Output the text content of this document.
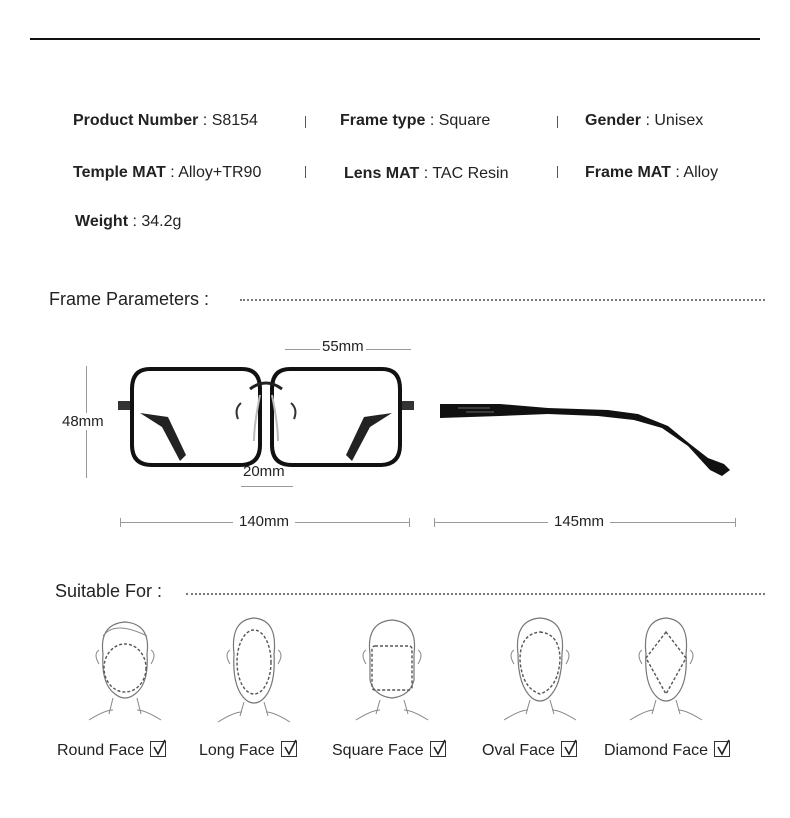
Product Number : S8154	Frame type : Square	Gender : Unisex
Temple MAT : Alloy+TR90	Lens MAT : TAC Resin	Frame MAT : Alloy
Weight : 34.2g
Frame Parameters :
55mm
48mm
20mm
140mm	145mm
Suitable For :
Round Face	Long Face	Square Face	Oval Face	Diamond Face
